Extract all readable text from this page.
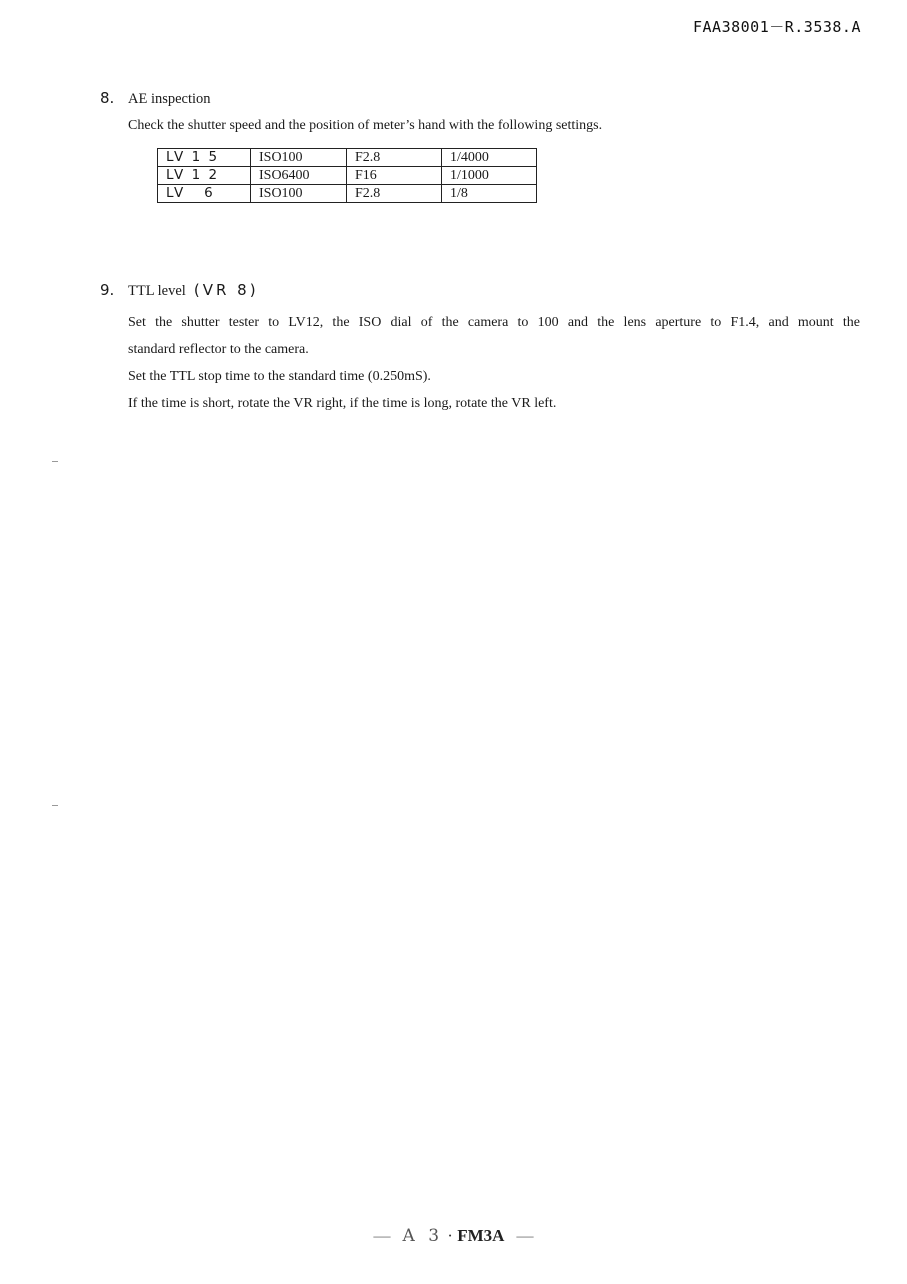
FAA38001－R.3538.A
8. AE inspection

Check the shutter speed and the position of meter’s hand with the following settings.

LV 1 5	ISO100	F2.8	1/4000
LV 1 2	ISO6400	F16	1/1000
LV   6	ISO100	F2.8	1/8
9. TTL level (VR 8)

Set the shutter tester to LV12, the ISO dial of the camera to 100 and the lens aperture to F1.4, and mount the

standard reflector to the camera.

Set the TTL stop time to the standard time (0.250mS).

If the time is short, rotate the VR right, if the time is long, rotate the VR left.

— A 3 · FM3A —
